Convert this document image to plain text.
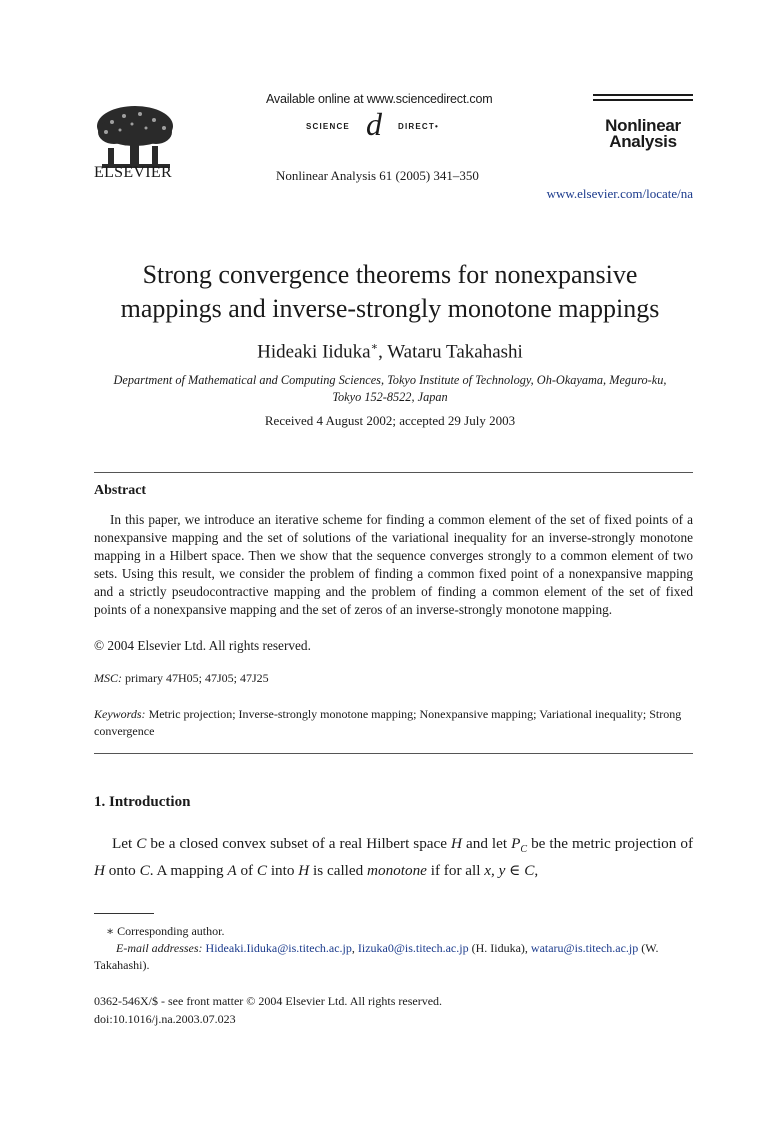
ELSEVIER
Available online at www.sciencedirect.com
SCIENCE d DIRECT•
Nonlinear Analysis 61 (2005) 341–350
Nonlinear
Analysis
www.elsevier.com/locate/na
Strong convergence theorems for nonexpansive
mappings and inverse-strongly monotone mappings
Hideaki Iiduka∗, Wataru Takahashi
Department of Mathematical and Computing Sciences, Tokyo Institute of Technology, Oh-Okayama, Meguro-ku,
Tokyo 152-8522, Japan
Received 4 August 2002; accepted 29 July 2003
Abstract

In this paper, we introduce an iterative scheme for finding a common element of the set of fixed points of a nonexpansive mapping and the set of solutions of the variational inequality for an inverse-strongly monotone mapping in a Hilbert space. Then we show that the sequence converges strongly to a common element of two sets. Using this result, we consider the problem of finding a common fixed point of a nonexpansive mapping and a strictly pseudocontractive mapping and the problem of finding a common element of the set of fixed points of a nonexpansive mapping and the set of zeros of an inverse-strongly monotone mapping.

© 2004 Elsevier Ltd. All rights reserved.
MSC: primary 47H05; 47J05; 47J25

Keywords: Metric projection; Inverse-strongly monotone mapping; Nonexpansive mapping; Variational inequality; Strong convergence

1. Introduction

Let C be a closed convex subset of a real Hilbert space H and let $P_C$ be the metric projection of H onto C. A mapping A of C into H is called monotone if for all x, y ∈ C,

∗ Corresponding author.

E-mail addresses: Hideaki.Iiduka@is.titech.ac.jp, Iizuka0@is.titech.ac.jp (H. Iiduka), wataru@is.titech.ac.jp (W. Takahashi).

0362-546X/$ - see front matter © 2004 Elsevier Ltd. All rights reserved.
doi:10.1016/j.na.2003.07.023
